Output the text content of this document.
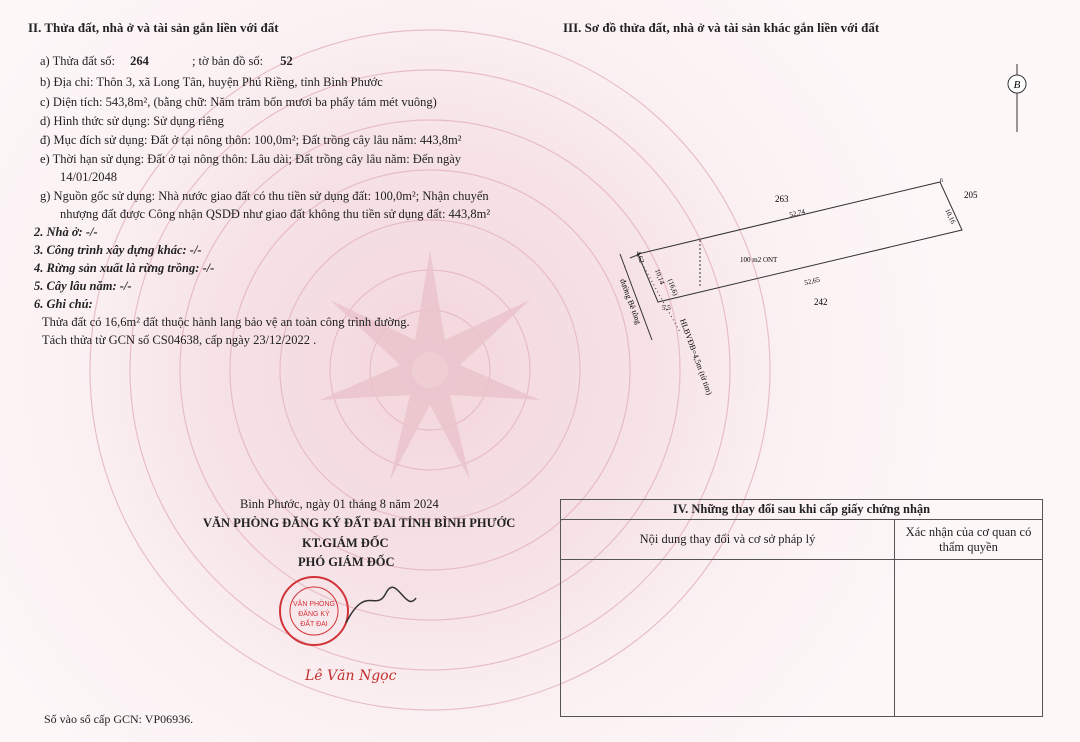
II. Thửa đất, nhà ở và tài sản gắn liền với đất	III. Sơ đồ thửa đất, nhà ở và tài sản khác gắn liền với đất
a) Thửa đất số: 264	; tờ bản đồ số: 52
b) Địa chỉ: Thôn 3, xã Long Tân, huyện Phú Riềng, tỉnh Bình Phước
c) Diện tích: 543,8m², (bằng chữ: Năm trăm bốn mươi ba phẩy tám mét vuông)
d) Hình thức sử dụng: Sử dụng riêng
đ) Mục đích sử dụng: Đất ở tại nông thôn: 100,0m²; Đất trồng cây lâu năm: 443,8m²
e) Thời hạn sử dụng: Đất ở tại nông thôn: Lâu dài; Đất trồng cây lâu năm: Đến ngày
14/01/2048
g) Nguồn gốc sử dụng: Nhà nước giao đất có thu tiền sử dụng đất: 100,0m²; Nhận chuyển
nhượng đất được Công nhận QSDĐ như giao đất không thu tiền sử dụng đất: 443,8m²
2. Nhà ở: -/-
3. Công trình xây dựng khác: -/-
4. Rừng sản xuất là rừng trồng: -/-
5. Cây lâu năm: -/-
6. Ghi chú:
Thửa đất có 16,6m² đất thuộc hành lang bảo vệ an toàn công trình đường.
Tách thửa từ GCN số CS04638, cấp ngày 23/12/2022 .
B
52,74
52,65
10,16
10,14
100 m2 ONT
(16,6)
4,62
5,5
6
263	205
242
đường Bê tông
HLBVĐB=4,5m (từ tim)
Bình Phước, ngày 01 tháng 8 năm 2024
VĂN PHÒNG ĐĂNG KÝ ĐẤT ĐAI TỈNH BÌNH PHƯỚC
KT.GIÁM ĐỐC
PHÓ GIÁM ĐỐC
VĂN PHÒNG
ĐĂNG KÝ
ĐẤT ĐAI
Lê Văn Ngọc
IV. Những thay đổi sau khi cấp giấy chứng nhận	
Nội dung thay đổi và cơ sở pháp lý	Xác nhận của cơ quan có thẩm quyền

Số vào sổ cấp GCN: VP06936.
